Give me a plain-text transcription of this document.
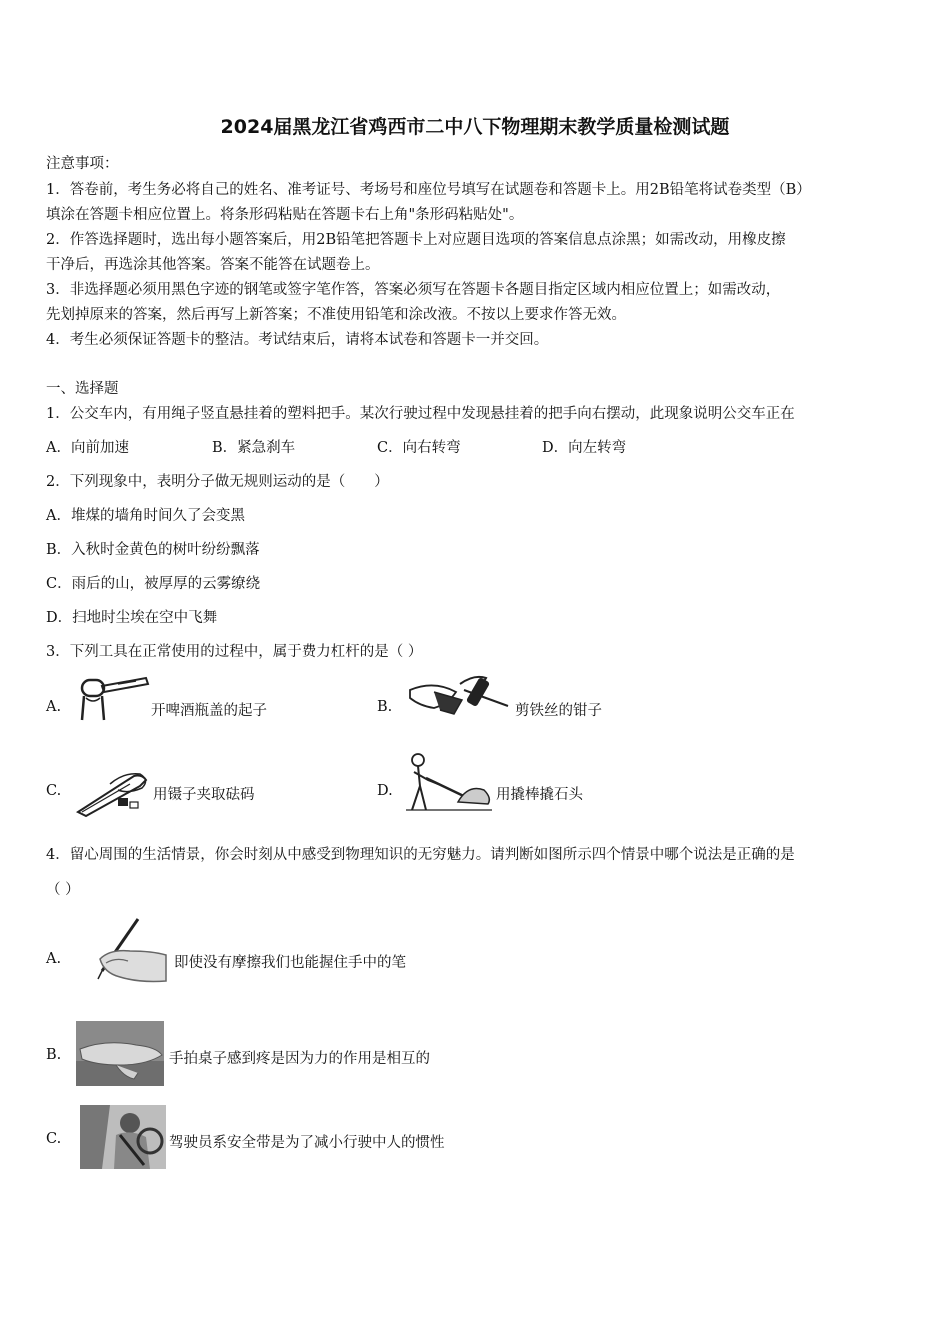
2024届黑龙江省鸡西市二中八下物理期末教学质量检测试题
注意事项：
1．答卷前，考生务必将自己的姓名、准考证号、考场号和座位号填写在试题卷和答题卡上。用2B铅笔将试卷类型（B）
填涂在答题卡相应位置上。将条形码粘贴在答题卡右上角"条形码粘贴处"。
2．作答选择题时，选出每小题答案后，用2B铅笔把答题卡上对应题目选项的答案信息点涂黑；如需改动，用橡皮擦
干净后，再选涂其他答案。答案不能答在试题卷上。
3．非选择题必须用黑色字迹的钢笔或签字笔作答，答案必须写在答题卡各题目指定区域内相应位置上；如需改动，
先划掉原来的答案，然后再写上新答案；不准使用铅笔和涂改液。不按以上要求作答无效。
4．考生必须保证答题卡的整洁。考试结束后，请将本试卷和答题卡一并交回。
一、选择题
1．公交车内，有用绳子竖直悬挂着的塑料把手。某次行驶过程中发现悬挂着的把手向右摆动，此现象说明公交车正在
A．向前加速	B．紧急刹车	C．向右转弯	D．向左转弯
2．下列现象中，表明分子做无规则运动的是（　　）
A．堆煤的墙角时间久了会变黑
B．入秋时金黄色的树叶纷纷飘落
C．雨后的山，被厚厚的云雾缭绕
D．扫地时尘埃在空中飞舞
3．下列工具在正常使用的过程中，属于费力杠杆的是（ ）
A.	开啤酒瓶盖的起子	B.	剪铁丝的钳子
C.	用镊子夹取砝码	D.	用撬棒撬石头
4．留心周围的生活情景，你会时刻从中感受到物理知识的无穷魅力。请判断如图所示四个情景中哪个说法是正确的是
（ ）
A.	即使没有摩擦我们也能握住手中的笔
B.	手拍桌子感到疼是因为力的作用是相互的
C.	驾驶员系安全带是为了减小行驶中人的惯性
